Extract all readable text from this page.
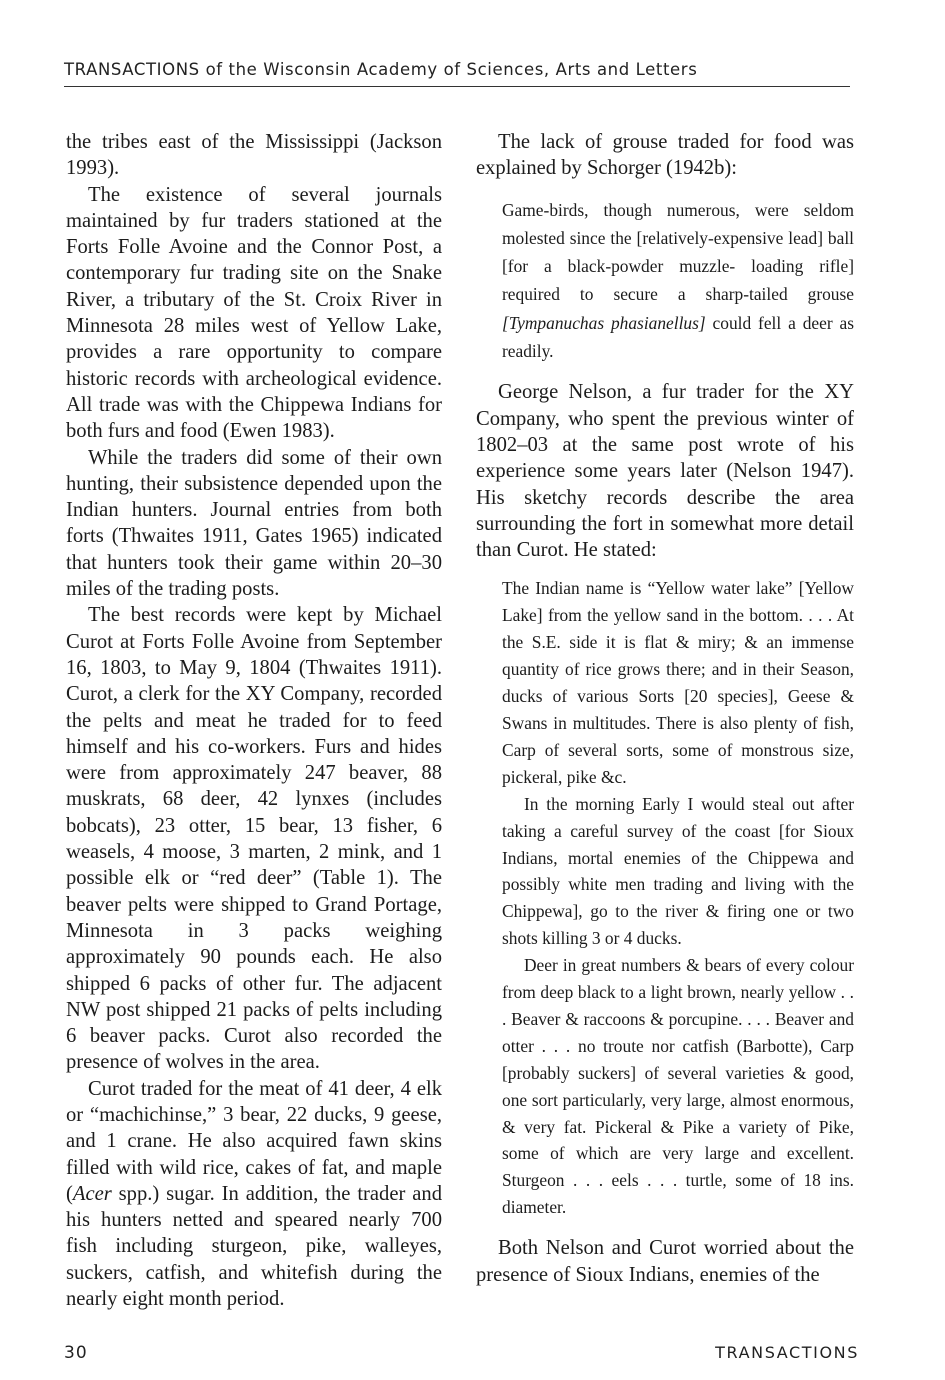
TRANSACTIONS of the Wisconsin Academy of Sciences, Arts and Letters

the tribes east of the Mississippi (Jackson 1993).

The existence of several journals maintained by fur traders stationed at the Forts Folle Avoine and the Connor Post, a contemporary fur trading site on the Snake River, a tributary of the St. Croix River in Minnesota 28 miles west of Yellow Lake, provides a rare opportunity to compare historic records with archeological evidence. All trade was with the Chippewa Indians for both furs and food (Ewen 1983).

While the traders did some of their own hunting, their subsistence depended upon the Indian hunters. Journal entries from both forts (Thwaites 1911, Gates 1965) indicated that hunters took their game within 20–30 miles of the trading posts.

The best records were kept by Michael Curot at Forts Folle Avoine from September 16, 1803, to May 9, 1804 (Thwaites 1911). Curot, a clerk for the XY Company, recorded the pelts and meat he traded for to feed himself and his co-workers. Furs and hides were from approximately 247 beaver, 88 muskrats, 68 deer, 42 lynxes (includes bobcats), 23 otter, 15 bear, 13 fisher, 6 weasels, 4 moose, 3 marten, 2 mink, and 1 possible elk or “red deer” (Table 1). The beaver pelts were shipped to Grand Portage, Minnesota in 3 packs weighing approximately 90 pounds each. He also shipped 6 packs of other fur. The adjacent NW post shipped 21 packs of pelts including 6 beaver packs. Curot also recorded the presence of wolves in the area.

Curot traded for the meat of 41 deer, 4 elk or “machichinse,” 3 bear, 22 ducks, 9 geese, and 1 crane. He also acquired fawn skins filled with wild rice, cakes of fat, and maple (Acer spp.) sugar. In addition, the trader and his hunters netted and speared nearly 700 fish including sturgeon, pike, walleyes, suckers, catfish, and whitefish during the nearly eight month period.

The lack of grouse traded for food was explained by Schorger (1942b):

Game-birds, though numerous, were seldom molested since the [relatively-expensive lead] ball [for a black-powder muzzle- loading rifle] required to secure a sharp-tailed grouse [Tympanuchas phasianellus] could fell a deer as readily.

George Nelson, a fur trader for the XY Company, who spent the previous winter of 1802–03 at the same post wrote of his experience some years later (Nelson 1947). His sketchy records describe the area surrounding the fort in somewhat more detail than Curot. He stated:

The Indian name is “Yellow water lake” [Yellow Lake] from the yellow sand in the bottom. . . . At the S.E. side it is flat & miry; & an immense quantity of rice grows there; and in their Season, ducks of various Sorts [20 species], Geese & Swans in multitudes. There is also plenty of fish, Carp of several sorts, some of monstrous size, pickeral, pike &c.

In the morning Early I would steal out after taking a careful survey of the coast [for Sioux Indians, mortal enemies of the Chippewa and possibly white men trading and living with the Chippewa], go to the river & firing one or two shots killing 3 or 4 ducks.

Deer in great numbers & bears of every colour from deep black to a light brown, nearly yellow . . . Beaver & raccoons & porcupine. . . . Beaver and otter . . . no troute nor catfish (Barbotte), Carp [probably suckers] of several varieties & good, one sort particularly, very large, almost enormous, & very fat. Pickeral & Pike a variety of Pike, some of which are very large and excellent. Sturgeon . . . eels . . . turtle, some of 18 ins. diameter.

Both Nelson and Curot worried about the presence of Sioux Indians, enemies of the

30	TRANSACTIONS
